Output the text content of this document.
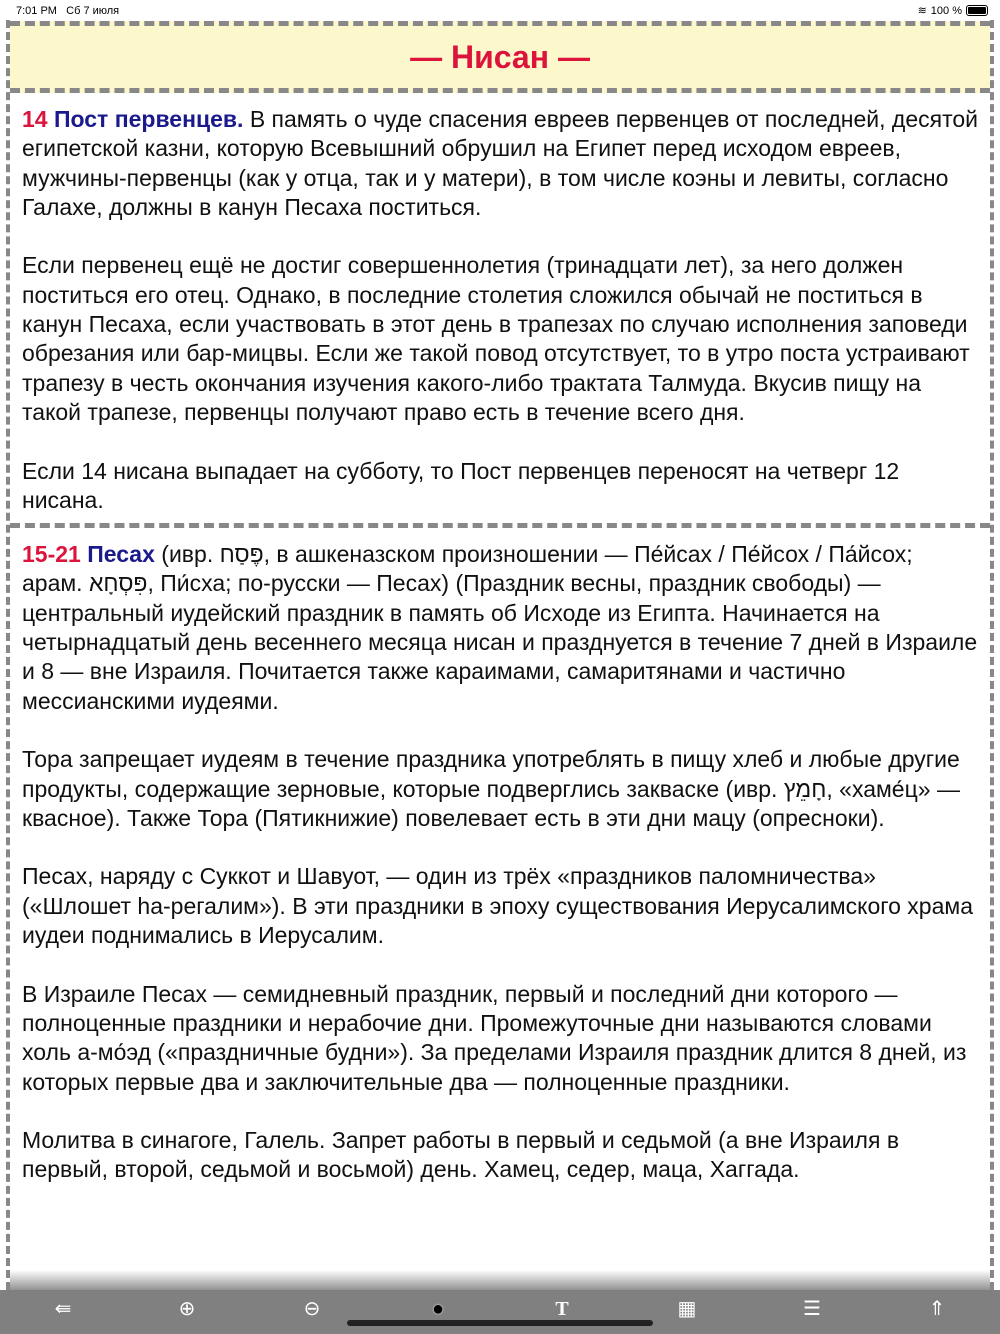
7:01 PM Сб 7 июля	≋ 100 %
— Нисан —

14 Пост первенцев. В память о чуде спасения евреев первенцев от последней, десятой египетской казни, которую Всевышний обрушил на Египет перед исходом евреев, мужчины-первенцы (как у отца, так и у матери), в том числе коэны и левиты, согласно Галахе, должны в канун Песаха поститься.

Если первенец ещё не достиг совершеннолетия (тринадцати лет), за него должен поститься его отец. Однако, в последние столетия сложился обычай не поститься в канун Песаха, если участвовать в этот день в трапезах по случаю исполнения заповеди обрезания или бар-мицвы. Если же такой повод отсутствует, то в утро поста устраивают трапезу в честь окончания изучения какого-либо трактата Талмуда. Вкусив пищу на такой трапезе, первенцы получают право есть в течение всего дня.

Если 14 нисана выпадает на субботу, то Пост первенцев переносят на четверг 12 нисана.

15-21 Песах (ивр. פֶּסַח, в ашкеназском произношении — Пе́йсах / Пе́йсох / Па́йсох; арам. פִּסְחָא, Пи́сха; по-русски — Песах) (Праздник весны, праздник свободы) — центральный иудейский праздник в память об Исходе из Египта. Начинается на четырнадцатый день весеннего месяца нисан и празднуется в течение 7 дней в Израиле и 8 — вне Израиля. Почитается также караимами, самаритянами и частично мессианскими иудеями.

Тора запрещает иудеям в течение праздника употреблять в пищу хлеб и любые другие продукты, содержащие зерновые, которые подверглись закваске (ивр. חָמֵץ, «хаме́ц» — квасное). Также Тора (Пятикнижие) повелевает есть в эти дни мацу (опресноки).

Песах, наряду с Суккот и Шавуот, — один из трёх «праздников паломничества» («Шлошет hа-регалим»). В эти праздники в эпоху существования Иерусалимского храма иудеи поднимались в Иерусалим.

В Израиле Песах — семидневный праздник, первый и последний дни которого — полноценные праздники и нерабочие дни. Промежуточные дни называются словами холь а-мо́эд («праздничные будни»). За пределами Израиля праздник длится 8 дней, из которых первые два и заключительные два — полноценные праздники.

Молитва в синагоге, Галель. Запрет работы в первый и седьмой (а вне Израиля в первый, второй, седьмой и восьмой) день. Хамец, седер, маца, Хаггада.

⇚	⊕	⊖	●	T	▦	☰	⇑
